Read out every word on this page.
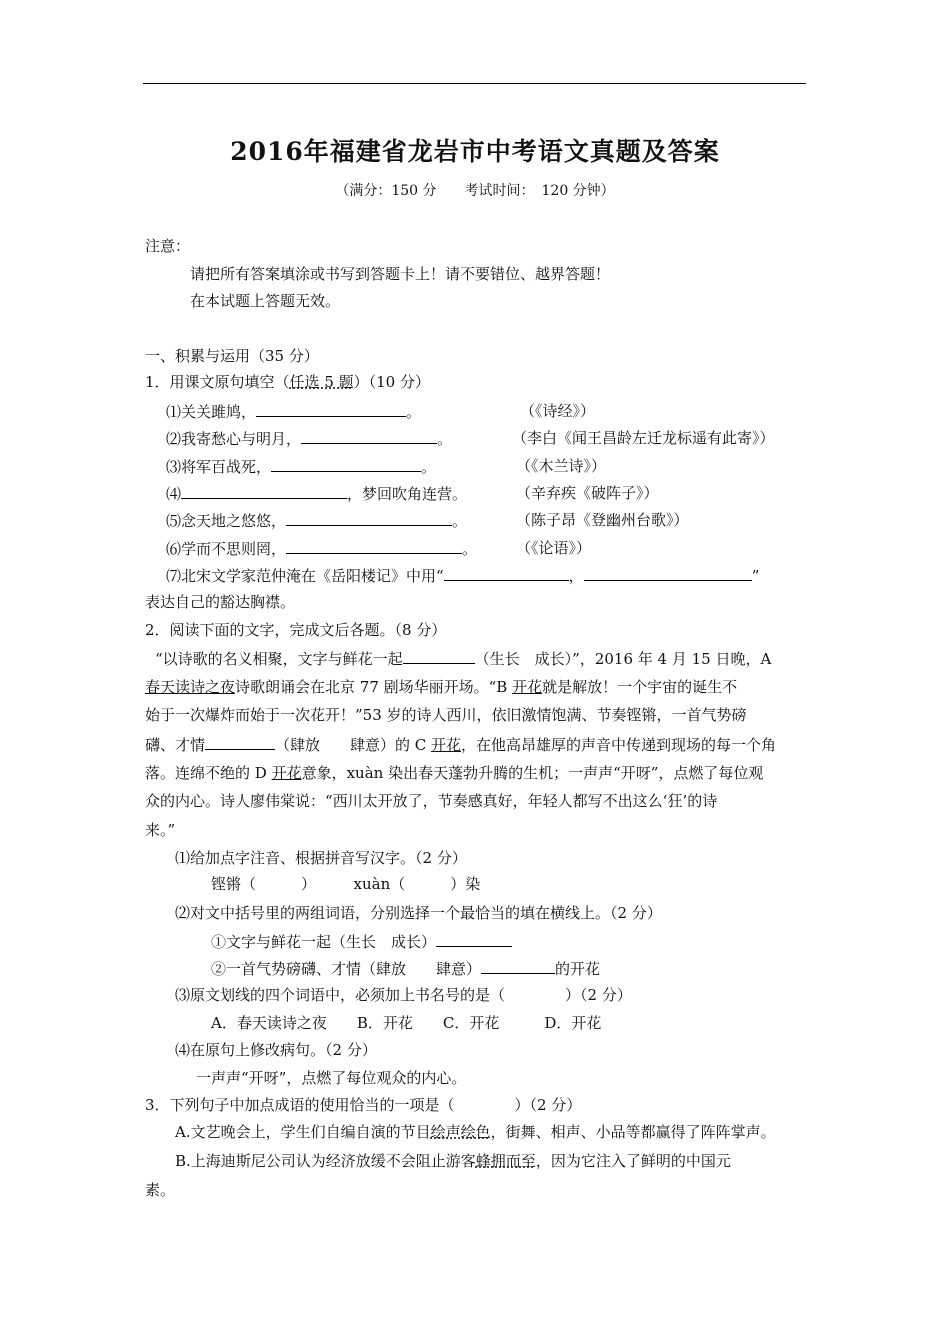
2016年福建省龙岩市中考语文真题及答案
（满分：150 分　　考试时间：　120 分钟）
注意：
请把所有答案填涂或书写到答题卡上！请不要错位、越界答题！
在本试题上答题无效。
一、积累与运用（35 分）
1．用课文原句填空（任选 5 题）（10 分）
⑴关关雎鸠，	。	（《诗经》）
⑵我寄愁心与明月，	。	（李白《闻王昌龄左迁龙标遥有此寄》）
⑶将军百战死，	。	（《木兰诗》）
⑷	，梦回吹角连营。	（辛弃疾《破阵子》）
⑸念天地之悠悠，	。	（陈子昂《登幽州台歌》）
⑹学而不思则罔，	。	（《论语》）
⑺北宋文学家范仲淹在《岳阳楼记》中用“	，	”
表达自己的豁达胸襟。
2．阅读下面的文字，完成文后各题。（8 分）
“以诗歌的名义相聚，文字与鲜花一起	（生长　成长）”，2016 年 4 月 15 日晚，A
春天读诗之夜诗歌朗诵会在北京 77 剧场华丽开场。“B 开花就是解放！一个宇宙的诞生不
始于一次爆炸而始于一次花开！”53 岁的诗人西川，依旧激情饱满、节奏铿锵，一首气势磅
礴、才情	（肆放　　肆意）的 C 开花，在他高昂雄厚的声音中传递到现场的每一个角
落。连绵不绝的 D 开花意象，xuàn 染出春天蓬勃升腾的生机；一声声“开呀”，点燃了每位观
众的内心。诗人廖伟棠说：“西川太开放了，节奏感真好，年轻人都写不出这么‘狂’的诗
来。”
⑴给加点字注音、根据拼音写汉字。（2 分）
铿锵（　　　）　　　xuàn（　　　）染
⑵对文中括号里的两组词语，分别选择一个最恰当的填在横线上。（2 分）
①文字与鲜花一起（生长　成长）
②一首气势磅礴、才情（肆放　　肆意）	的开花
⑶原文划线的四个词语中，必须加上书名号的是（　　　　）（2 分）
A．春天读诗之夜　　B．开花　　C．开花　　　D．开花
⑷在原句上修改病句。（2 分）
一声声“开呀”，点燃了每位观众的内心。
3．下列句子中加点成语的使用恰当的一项是（　　　　）（2 分）
A.文艺晚会上，学生们自编自演的节目绘声绘色，街舞、相声、小品等都赢得了阵阵掌声。
B.上海迪斯尼公司认为经济放缓不会阻止游客蜂拥而至，因为它注入了鲜明的中国元
素。
